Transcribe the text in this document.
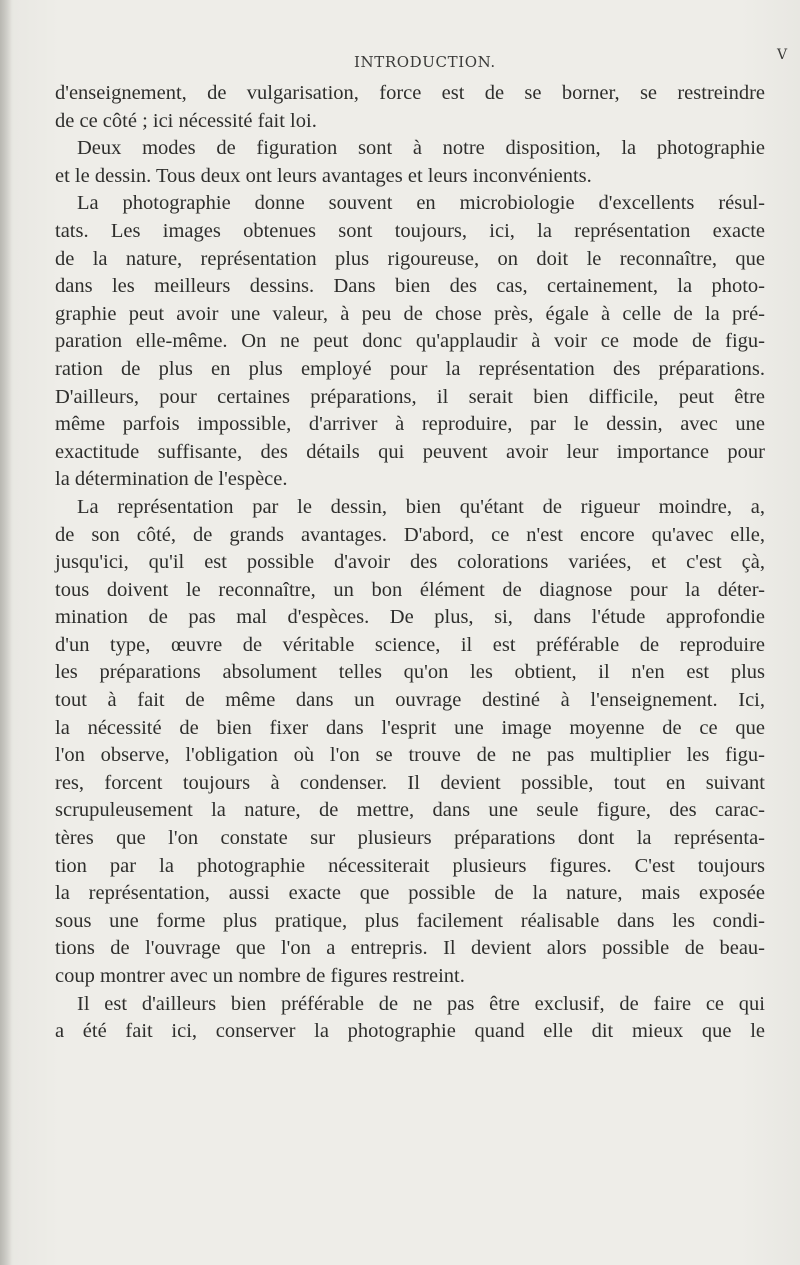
INTRODUCTION.	V
d'enseignement, de vulgarisation, force est de se borner, se restreindre
de ce côté ; ici nécessité fait loi.
Deux modes de figuration sont à notre disposition, la photographie
et le dessin. Tous deux ont leurs avantages et leurs inconvénients.
La photographie donne souvent en microbiologie d'excellents résul-
tats. Les images obtenues sont toujours, ici, la représentation exacte
de la nature, représentation plus rigoureuse, on doit le reconnaître, que
dans les meilleurs dessins. Dans bien des cas, certainement, la photo-
graphie peut avoir une valeur, à peu de chose près, égale à celle de la pré-
paration elle-même. On ne peut donc qu'applaudir à voir ce mode de figu-
ration de plus en plus employé pour la représentation des préparations.
D'ailleurs, pour certaines préparations, il serait bien difficile, peut être
même parfois impossible, d'arriver à reproduire, par le dessin, avec une
exactitude suffisante, des détails qui peuvent avoir leur importance pour
la détermination de l'espèce.
La représentation par le dessin, bien qu'étant de rigueur moindre, a,
de son côté, de grands avantages. D'abord, ce n'est encore qu'avec elle,
jusqu'ici, qu'il est possible d'avoir des colorations variées, et c'est çà,
tous doivent le reconnaître, un bon élément de diagnose pour la déter-
mination de pas mal d'espèces. De plus, si, dans l'étude approfondie
d'un type, œuvre de véritable science, il est préférable de reproduire
les préparations absolument telles qu'on les obtient, il n'en est plus
tout à fait de même dans un ouvrage destiné à l'enseignement. Ici,
la nécessité de bien fixer dans l'esprit une image moyenne de ce que
l'on observe, l'obligation où l'on se trouve de ne pas multiplier les figu-
res, forcent toujours à condenser. Il devient possible, tout en suivant
scrupuleusement la nature, de mettre, dans une seule figure, des carac-
tères que l'on constate sur plusieurs préparations dont la représenta-
tion par la photographie nécessiterait plusieurs figures. C'est toujours
la représentation, aussi exacte que possible de la nature, mais exposée
sous une forme plus pratique, plus facilement réalisable dans les condi-
tions de l'ouvrage que l'on a entrepris. Il devient alors possible de beau-
coup montrer avec un nombre de figures restreint.
Il est d'ailleurs bien préférable de ne pas être exclusif, de faire ce qui
a été fait ici, conserver la photographie quand elle dit mieux que le
